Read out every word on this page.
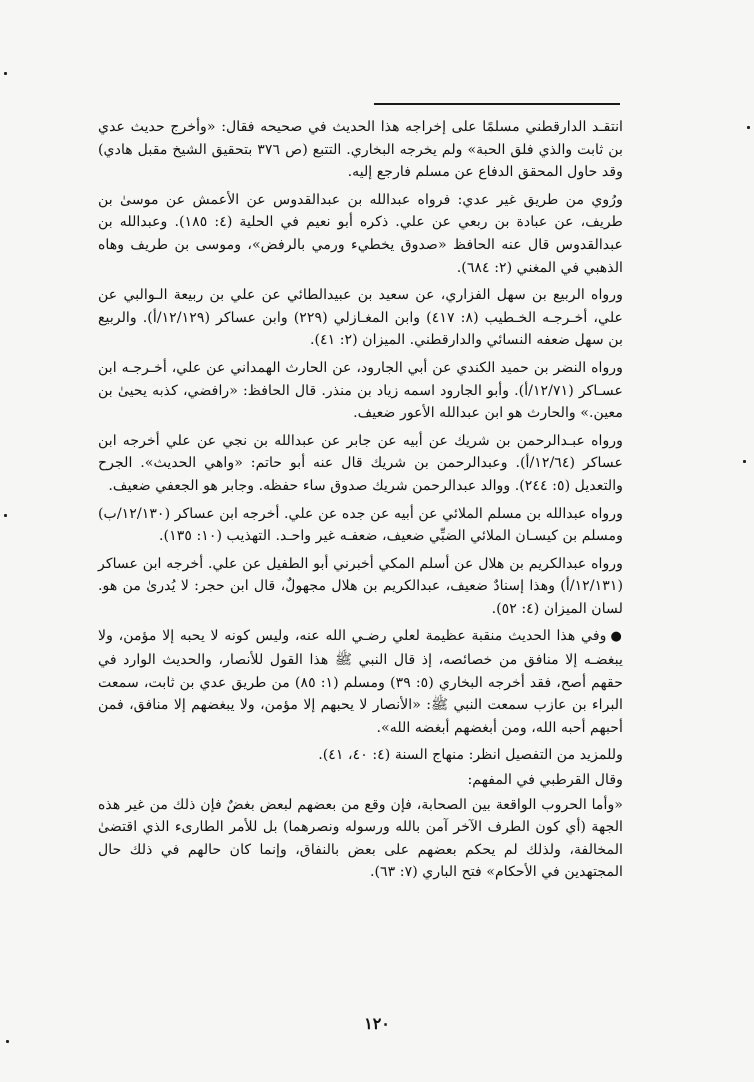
انتقـد الدارقطني مسلمًا على إخراجه هذا الحديث في صحيحه فقال: «وأخرج حديث عدي بن ثابت والذي فلق الحبة» ولم يخرجه البخاري. التتبع (ص ٣٧٦ بتحقيق الشيخ مقبل هادي) وقد حاول المحقق الدفاع عن مسلم فارجع إليه.

ورُوي من طريق غير عدي: فرواه عبدالله بن عبدالقدوس عن الأعمش عن موسىٰ بن طريف، عن عبادة بن ربعي عن علي. ذكره أبو نعيم في الحلية (٤: ١٨٥). وعبدالله بن عبدالقدوس قال عنه الحافظ «صدوق يخطيء ورمي بالرفض»، وموسى بن طريف وهاه الذهبي في المغني (٢: ٦٨٤).

ورواه الربيع بن سهل الفزاري، عن سعيد بن عبيدالطائي عن علي بن ربيعة الـوالبي عن علي، أخـرجـه الخـطيب (٨: ٤١٧) وابن المغـازلي (٢٢٩) وابن عساكر (١٢/١٢٩/أ). والربيع بن سهل ضعفه النسائي والدارقطني. الميزان (٢: ٤١).

ورواه النضر بن حميد الكندي عن أبي الجارود، عن الحارث الهمداني عن علي، أخـرجـه ابن عسـاكر (١٢/٧١/أ). وأبو الجارود اسمه زياد بن منذر. قال الحافظ: «رافضي، كذبه يحيىٰ بن معين.» والحارث هو ابن عبدالله الأعور ضعيف.

ورواه عبـدالرحمن بن شريك عن أبيه عن جابر عن عبدالله بن نجي عن علي أخرجه ابن عساكر (١٢/٦٤/أ). وعبدالرحمن بن شريك قال عنه أبو حاتم: «واهي الحديث». الجرح والتعديل (٥: ٢٤٤). ووالد عبدالرحمن شريك صدوق ساء حفظه. وجابر هو الجعفي ضعيف.

ورواه عبدالله بن مسلم الملائي عن أبيه عن جده عن علي. أخرجه ابن عساكر (١٢/١٣٠/ب) ومسلم بن كيسـان الملائي الضبِّي ضعيف، ضعفـه غير واحـد. التهذيب (١٠: ١٣٥).

ورواه عبدالكريم بن هلال عن أسلم المكي أخبرني أبو الطفيل عن علي. أخرجه ابن عساكر (١٢/١٣١/أ) وهذا إسنادٌ ضعيف، عبدالكريم بن هلال مجهولٌ، قال ابن حجر: لا يُدرىٰ من هو. لسان الميزان (٤: ٥٢).

●وفي هذا الحديث منقبة عظيمة لعلي رضـي الله عنه، وليس كونه لا يحبه إلا مؤمن، ولا يبغضـه إلا منافق من خصائصه، إذ قال النبي ﷺ هذا القول للأنصار، والحديث الوارد في حقهم أصح، فقد أخرجه البخاري (٥: ٣٩) ومسلم (١: ٨٥) من طريق عدي بن ثابت، سمعت البراء بن عازب سمعت النبي ﷺ: «الأنصار لا يحبهم إلا مؤمن، ولا يبغضهم إلا منافق، فمن أحبهم أحبه الله، ومن أبغضهم أبغضه الله».

وللمزيد من التفصيل انظر: منهاج السنة (٤: ٤٠، ٤١).

وقال القرطبي في المفهم:

«وأما الحروب الواقعة بين الصحابة، فإن وقع من بعضهم لبعض بغضٌ فإن ذلك من غير هذه الجهة (أي كون الطرف الآخر آمن بالله ورسوله ونصرهما) بل للأمر الطارىء الذي اقتضىٰ المخالفة، ولذلك لم يحكم بعضهم على بعض بالنفاق، وإنما كان حالهم في ذلك حال المجتهدين في الأحكام» فتح الباري (٧: ٦٣).

١٢٠
